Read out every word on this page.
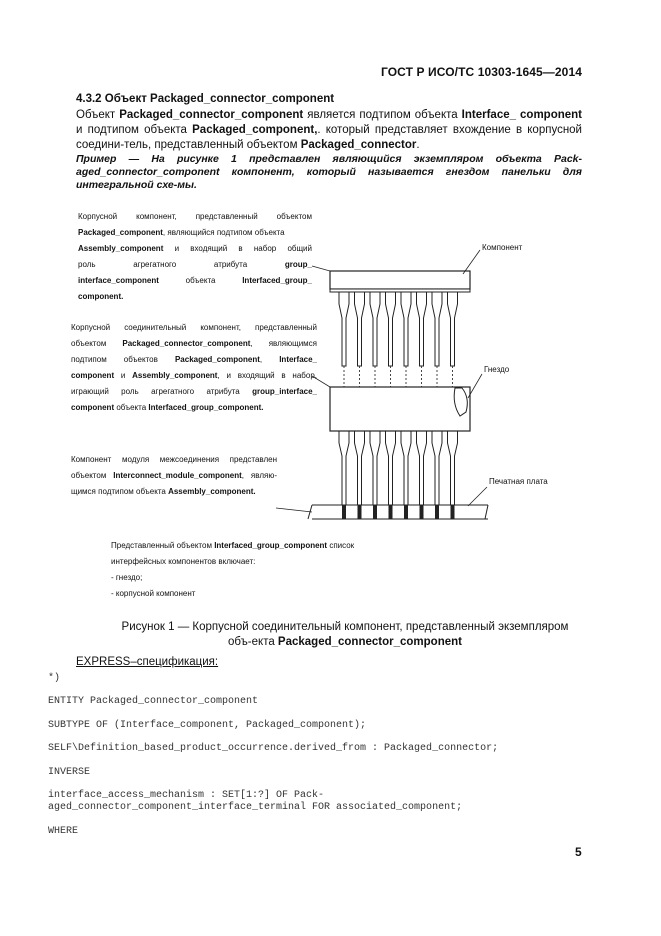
ГОСТ Р ИСО/ТС 10303-1645—2014
4.3.2 Объект Packaged_connector_component
Объект Packaged_connector_component является подтипом объекта Interface_ component и подтипом объекта Packaged_component,. который представляет вхождение в корпусной соедини-тель, представленный объектом Packaged_connector.
Пример — На рисунке 1 представлен являющийся экземпляром объекта Pack-aged_connector_component компонент, который называется гнездом панельки для интегральной схе-мы.
Корпусной компонент, представленный объектом
Packaged_component, являющийся подтипом объекта
Assembly_component и входящий в набор общий
роль агрегатного атрибута group_
interface_component объекта Interfaced_group_
component.
Корпусной соединительный компонент, представленный
объектом Packaged_connector_component, являющимся
подтипом объектов Packaged_component, Interface_
component и Assembly_component, и входящий в набор,
играющий роль агрегатного атрибута group_interface_
component объекта Interfaced_group_component.
Компонент модуля межсоединения представлен
объектом Interconnect_module_component, являю-
щимся подтипом объекта Assembly_component.
Представленный объектом Interfaced_group_component список
интерфейсных компонентов включает:
- гнездо;
- корпусной компонент
Компонент
Гнездо
Печатная плата
Рисунок 1 — Корпусной соединительный компонент, представленный экземпляром объ-екта Packaged_connector_component
EXPRESS–спецификация:
*)
ENTITY Packaged_connector_component
SUBTYPE OF (Interface_component, Packaged_component);
SELF\Definition_based_product_occurrence.derived_from : Packaged_connector;
INVERSE
interface_access_mechanism : SET[1:?] OF Pack-
aged_connector_component_interface_terminal FOR associated_component;
WHERE
5
